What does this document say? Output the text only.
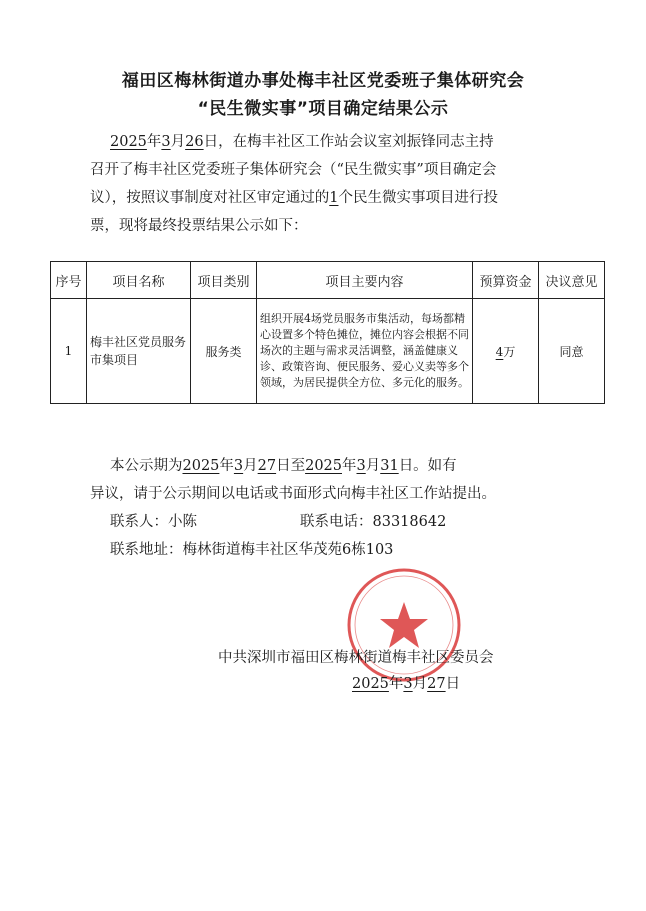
福田区梅林街道办事处梅丰社区党委班子集体研究会
“民生微实事”项目确定结果公示
2025年3月26日，在梅丰社区工作站会议室刘振锋同志主持
召开了梅丰社区党委班子集体研究会（“民生微实事”项目确定会
议），按照议事制度对社区审定通过的1个民生微实事项目进行投
票，现将最终投票结果公示如下：
序号	项目名称	项目类别	项目主要内容	预算资金	决议意见
1	梅丰社区党员服务市集项目	服务类	组织开展4场党员服务市集活动，每场都精心设置多个特色摊位，摊位内容会根据不同场次的主题与需求灵活调整，涵盖健康义诊、政策咨询、便民服务、爱心义卖等多个领域，为居民提供全方位、多元化的服务。	4万	同意
本公示期为2025年3月27日至2025年3月31日。如有
异议，请于公示期间以电话或书面形式向梅丰社区工作站提出。
联系人：小陈	联系电话：83318642
联系地址：梅林街道梅丰社区华茂苑6栋103
中共深圳市福田区梅林街道梅丰社区委员会
2025年3月27日
